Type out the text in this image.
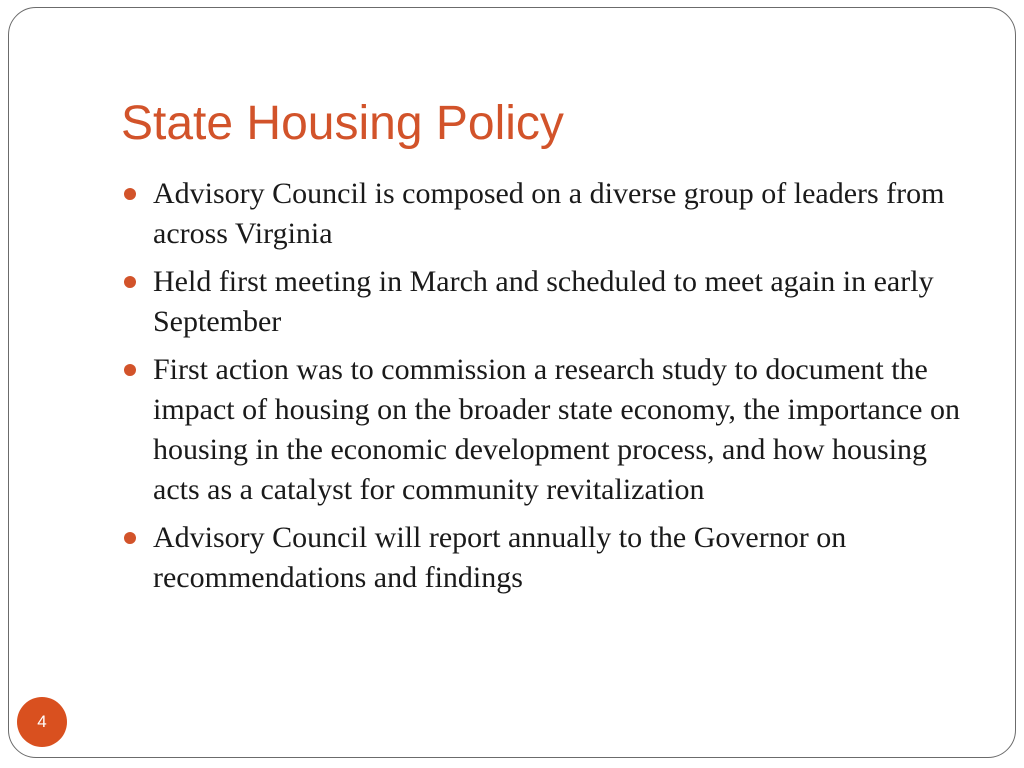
State Housing Policy
Advisory Council is composed on a diverse group of leaders from across Virginia
Held first meeting in March and scheduled to meet again in early September
First action was to commission a research study to document the impact of housing on the broader state economy, the importance on housing in the economic development process, and how housing acts as a catalyst for community revitalization
Advisory Council will report annually to the Governor on recommendations and findings
4
